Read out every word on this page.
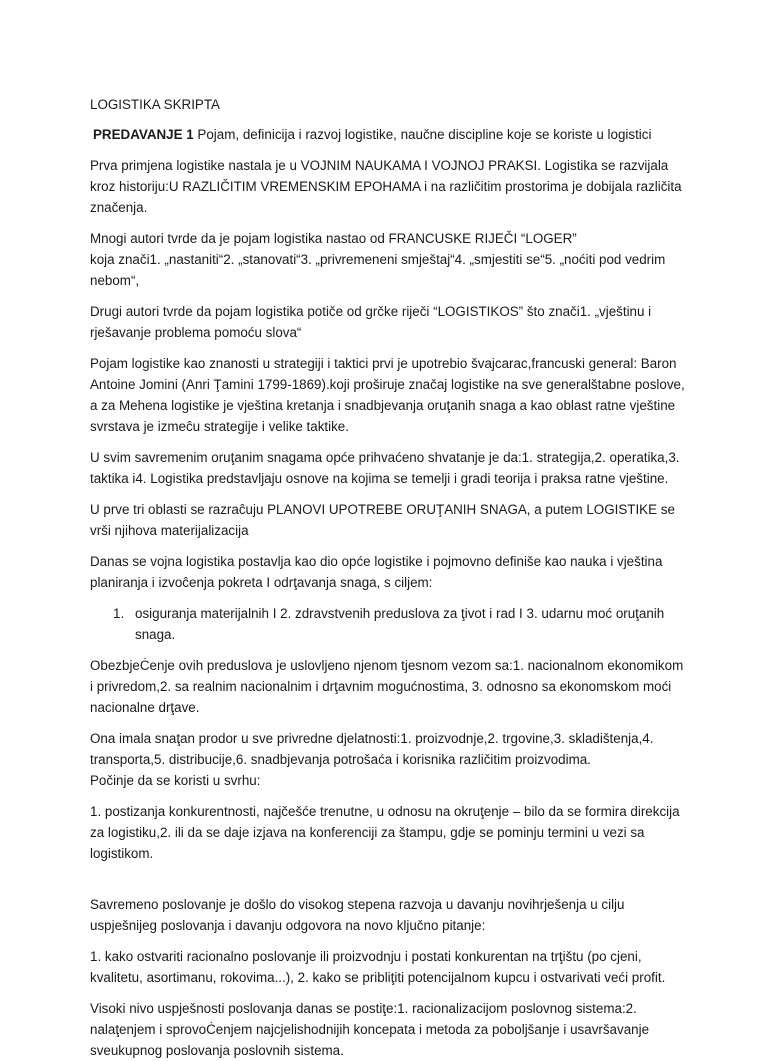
LOGISTIKA SKRIPTA

PREDAVANJE 1 Pojam, definicija i razvoj logistike, naučne discipline koje se koriste u logistici

Prva primjena logistike nastala je u VOJNIM NAUKAMA I VOJNOJ PRAKSI. Logistika se razvijala kroz historiju:U RAZLIČITIM VREMENSKIM EPOHAMA i na različitim prostorima je dobijala različita značenja.

Mnogi autori tvrde da je pojam logistika nastao od FRANCUSKE RIJEČI “LOGER”
koja znači1. „nastaniti“2. „stanovati“3. „privremeneni smještaj“4. „smjestiti se“5. „noćiti pod vedrim nebom“,

Drugi autori tvrde da pojam logistika potiče od grčke riječi “LOGISTIKOS” što znači1. „vještinu i rješavanje problema pomoću slova“

Pojam logistike kao znanosti u strategiji i taktici prvi je upotrebio švajcarac,francuski general: Baron Antoine Jomini (Anri Ţamini 1799-1869).koji proširuje značaj logistike na sve generalštabne poslove, a za Mehena logistike je vještina kretanja i snadbjevanja oruţanih snaga a kao oblast ratne vještine svrstava je izmeĉu strategije i velike taktike.

U svim savremenim oruţanim snagama opće prihvaćeno shvatanje je da:1. strategija,2. operatika,3. taktika i4. Logistika predstavljaju osnove na kojima se temelji i gradi teorija i praksa ratne vještine.

U prve tri oblasti se razraĉuju PLANOVI UPOTREBE ORUŢANIH SNAGA, a putem LOGISTIKE se vrši njihova materijalizacija

Danas se vojna logistika postavlja kao dio opće logistike i pojmovno definiše kao nauka i vještina planiranja i izvoĉenja pokreta I odrţavanja snaga, s ciljem:

1. osiguranja materijalnih I 2. zdravstvenih preduslova za ţivot i rad I 3. udarnu moć oruţanih snaga.

ObezbjeĊenje ovih preduslova je uslovljeno njenom tjesnom vezom sa:1. nacionalnom ekonomikom i privredom,2. sa realnim nacionalnim i drţavnim mogućnostima, 3. odnosno sa ekonomskom moći nacionalne drţave.

Ona imala snaţan prodor u sve privredne djelatnosti:1. proizvodnje,2. trgovine,3. skladištenja,4. transporta,5. distribucije,6. snadbjevanja potrošaća i korisnika različitim proizvodima.

Počinje da se koristi u svrhu:

1. postizanja konkurentnosti, najčešće trenutne, u odnosu na okruţenje – bilo da se formira direkcija za logistiku,2. ili da se daje izjava na konferenciji za štampu, gdje se pominju termini u vezi sa logistikom.

Savremeno poslovanje je došlo do visokog stepena razvoja u davanju novihrješenja u cilju uspješnijeg poslovanja i davanju odgovora na novo ključno pitanje:

1. kako ostvariti racionalno poslovanje ili proizvodnju i postati konkurentan na trţištu (po cjeni, kvalitetu, asortimanu, rokovima...), 2. kako se pribliţiti potencijalnom kupcu i ostvarivati veći profit.

Visoki nivo uspješnosti poslovanja danas se postiţe:1. racionalizacijom poslovnog sistema:2. nalaţenjem i sprovoĊenjem najcjelishodnijih koncepata i metoda za poboljšanje i usavršavanje sveukupnog poslovanja poslovnih sistema.
